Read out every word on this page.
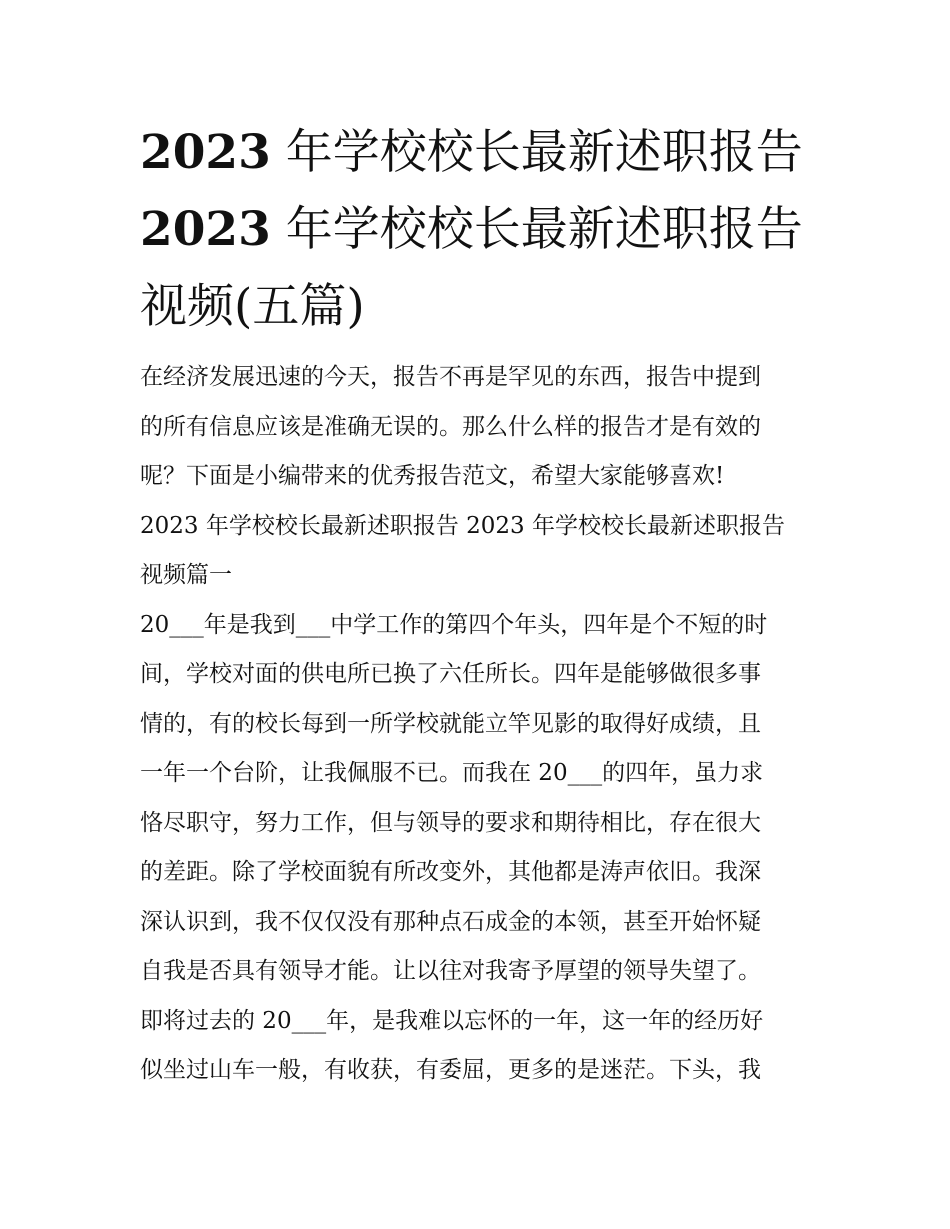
2023 年学校校长最新述职报告
2023 年学校校长最新述职报告
视频(五篇)
在经济发展迅速的今天，报告不再是罕见的东西，报告中提到
的所有信息应该是准确无误的。那么什么样的报告才是有效的
呢？下面是小编带来的优秀报告范文，希望大家能够喜欢!
2023 年学校校长最新述职报告 2023 年学校校长最新述职报告
视频篇一
20___年是我到___中学工作的第四个年头，四年是个不短的时
间，学校对面的供电所已换了六任所长。四年是能够做很多事
情的，有的校长每到一所学校就能立竿见影的取得好成绩，且
一年一个台阶，让我佩服不已。而我在 20___的四年，虽力求
恪尽职守，努力工作，但与领导的要求和期待相比，存在很大
的差距。除了学校面貌有所改变外，其他都是涛声依旧。我深
深认识到，我不仅仅没有那种点石成金的本领，甚至开始怀疑
自我是否具有领导才能。让以往对我寄予厚望的领导失望了。
即将过去的 20___年，是我难以忘怀的一年，这一年的经历好
似坐过山车一般，有收获，有委屈，更多的是迷茫。下头，我
